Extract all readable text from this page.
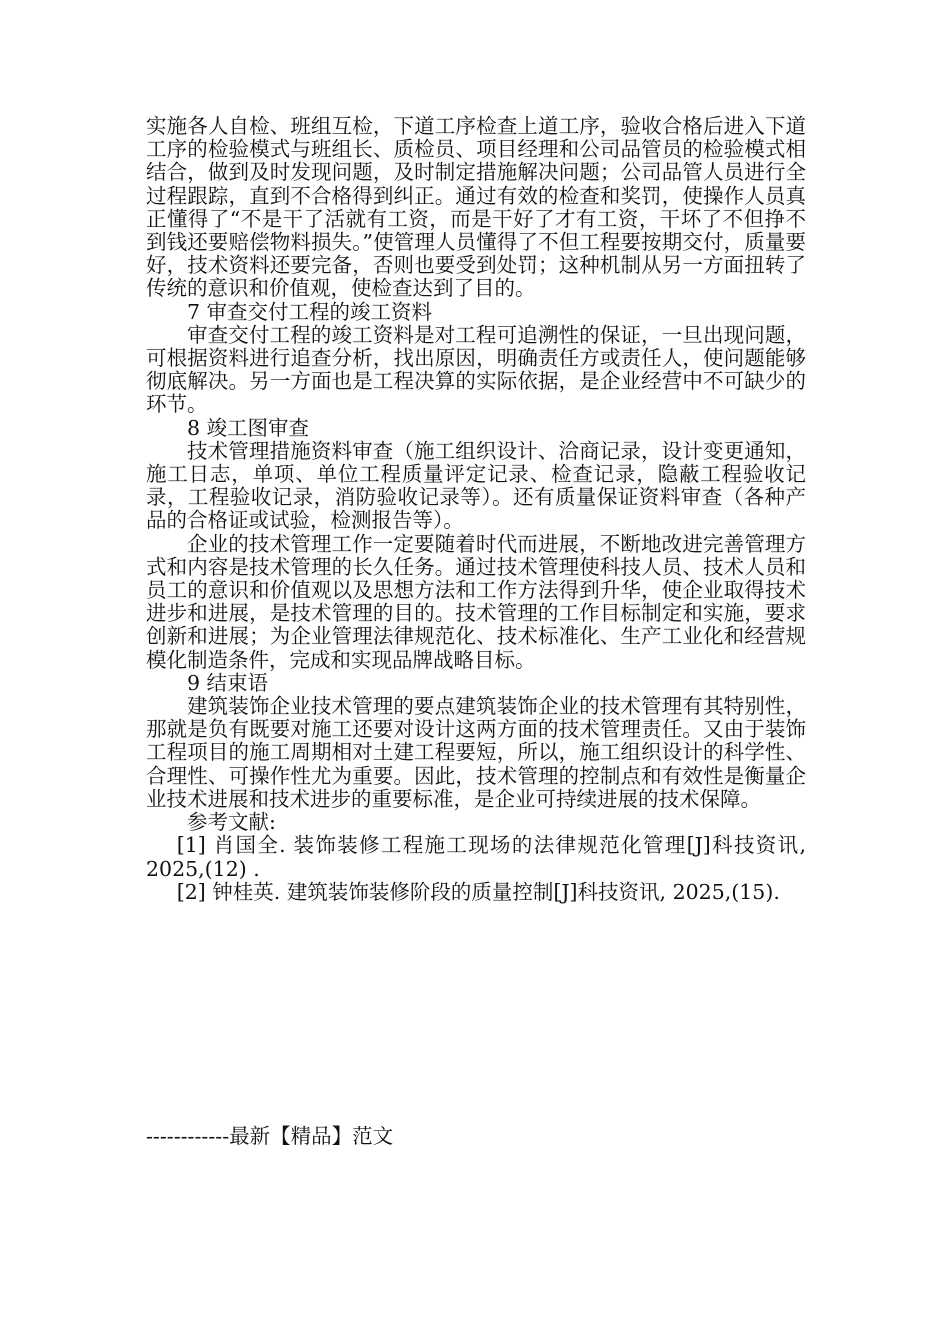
实施各人自检、班组互检，下道工序检查上道工序，验收合格后进入下道工序的检验模式与班组长、质检员、项目经理和公司品管员的检验模式相结合，做到及时发现问题，及时制定措施解决问题；公司品管人员进行全过程跟踪，直到不合格得到纠正。通过有效的检查和奖罚，使操作人员真正懂得了“不是干了活就有工资，而是干好了才有工资，干坏了不但挣不到钱还要赔偿物料损失。”使管理人员懂得了不但工程要按期交付，质量要好，技术资料还要完备，否则也要受到处罚；这种机制从另一方面扭转了传统的意识和价值观，使检查达到了目的。

7 审查交付工程的竣工资料

审查交付工程的竣工资料是对工程可追溯性的保证，一旦出现问题，可根据资料进行追查分析，找出原因，明确责任方或责任人，使问题能够彻底解决。另一方面也是工程决算的实际依据，是企业经营中不可缺少的环节。

8 竣工图审查

技术管理措施资料审查（施工组织设计、洽商记录，设计变更通知，施工日志，单项、单位工程质量评定记录、检查记录，隐蔽工程验收记录，工程验收记录，消防验收记录等）。还有质量保证资料审查（各种产品的合格证或试验，检测报告等）。

企业的技术管理工作一定要随着时代而进展，不断地改进完善管理方式和内容是技术管理的长久任务。通过技术管理使科技人员、技术人员和员工的意识和价值观以及思想方法和工作方法得到升华，使企业取得技术进步和进展，是技术管理的目的。技术管理的工作目标制定和实施，要求创新和进展；为企业管理法律规范化、技术标准化、生产工业化和经营规模化制造条件，完成和实现品牌战略目标。

9 结束语

建筑装饰企业技术管理的要点建筑装饰企业的技术管理有其特别性，那就是负有既要对施工还要对设计这两方面的技术管理责任。又由于装饰工程项目的施工周期相对土建工程要短，所以，施工组织设计的科学性、合理性、可操作性尤为重要。因此，技术管理的控制点和有效性是衡量企业技术进展和技术进步的重要标准，是企业可持续进展的技术保障。

参考文献:

[1] 肖国全. 装饰装修工程施工现场的法律规范化管理[J]科技资讯, 2025,(12) .

[2] 钟桂英. 建筑装饰装修阶段的质量控制[J]科技资讯, 2025,(15).

------------最新【精品】范文
